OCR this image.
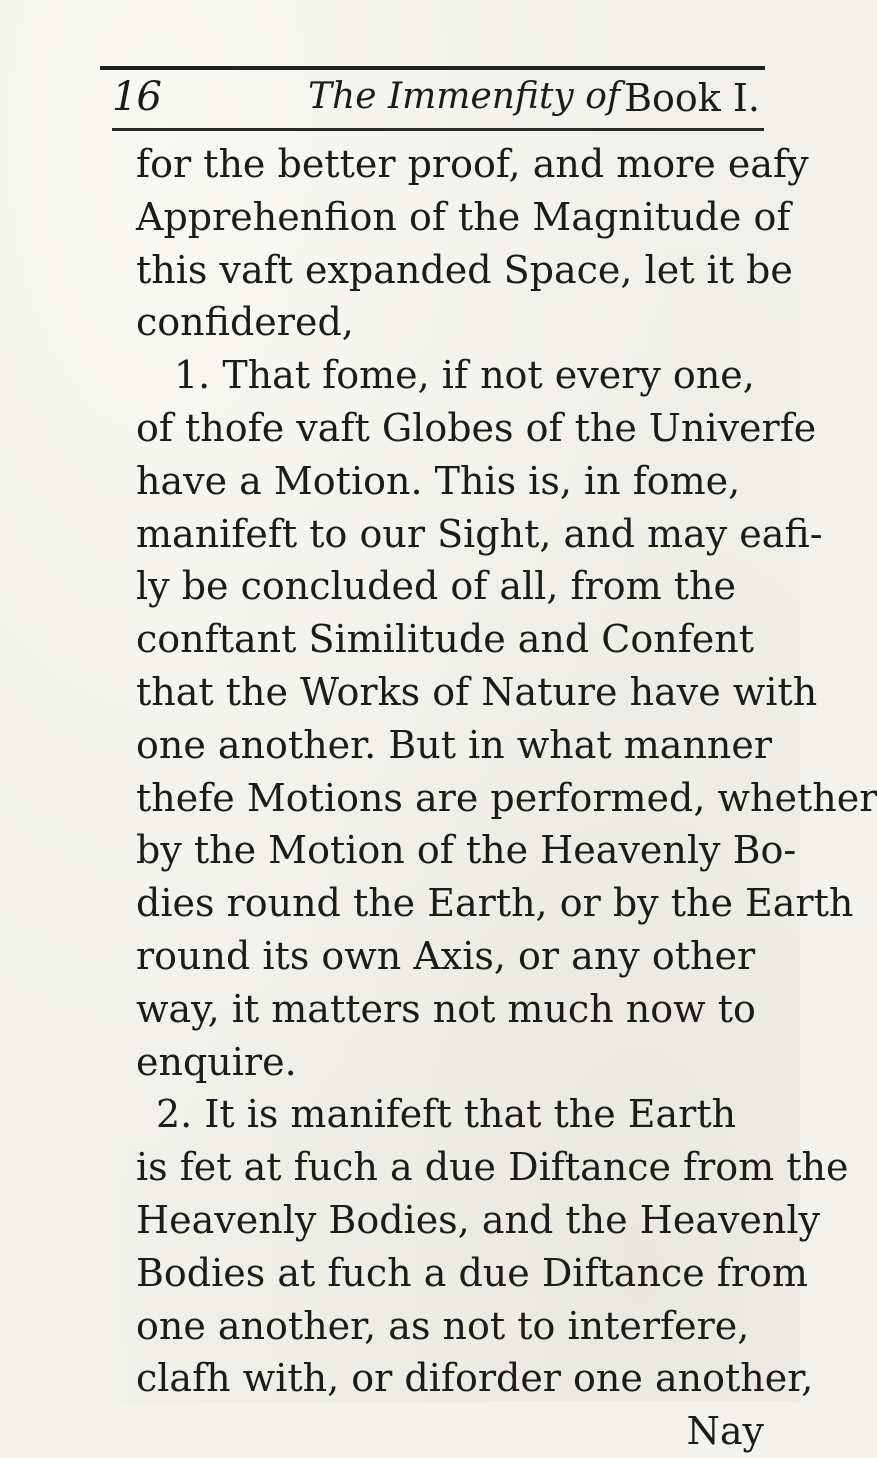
16	The Immenfity of Book I.
for the better proof, and more eafy
Apprehenfion of the Magnitude of
this vaft expanded Space, let it be
confidered,
1. That fome, if not every one,
of thofe vaft Globes of the Univerfe
have a Motion. This is, in fome,
manifeft to our Sight, and may eafi-
ly be concluded of all, from the
conftant Similitude and Confent
that the Works of Nature have with
one another. But in what manner
thefe Motions are performed, whether
by the Motion of the Heavenly Bo-
dies round the Earth, or by the Earth
round its own Axis, or any other
way, it matters not much now to
enquire.
2. It is manifeft that the Earth
is fet at fuch a due Diftance from the
Heavenly Bodies, and the Heavenly
Bodies at fuch a due Diftance from
one another, as not to interfere,
clafh with, or diforder one another,
Nay
